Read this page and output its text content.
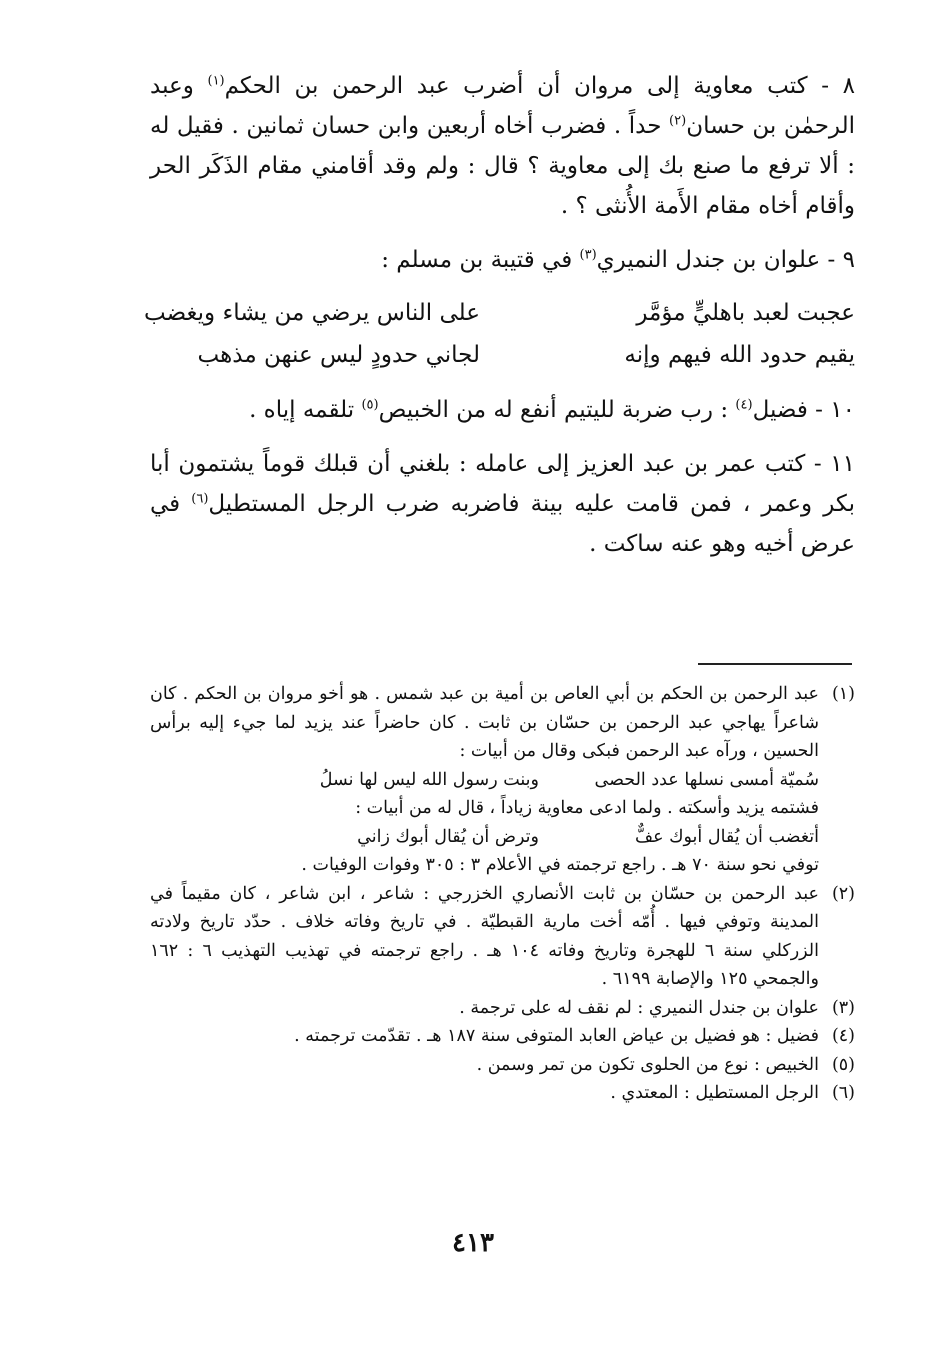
٨ - كتب معاوية إلى مروان أن أضرب عبد الرحمن بن الحكم$^{(١)}$ وعبد الرحمٰن بن حسان$^{(٢)}$ حداً . فضرب أخاه أربعين وابن حسان ثمانين . فقيل له : ألا ترفع ما صنع بك إلى معاوية ؟ قال : ولم وقد أقامني مقام الذَكَر الحر وأقام أخاه مقام الأَمة الأُنثى ؟ .

٩ - علوان بن جندل النميري$^{(٣)}$ في قتيبة بن مسلم :

عجبت لعبد باهليٍّ مؤمَّر
على الناس يرضي من يشاء ويغضب
يقيم حدود الله فيهم وإنه
لجاني حدودٍ ليس عنهن مذهب

١٠ - فضيل$^{(٤)}$ : رب ضربة لليتيم أنفع له من الخبيص$^{(٥)}$ تلقمه إياه .

١١ - كتب عمر بن عبد العزيز إلى عامله : بلغني أن قبلك قوماً يشتمون أبا بكر وعمر ، فمن قامت عليه بينة فاضربه ضرب الرجل المستطيل$^{(٦)}$ في عرض أخيه وهو عنه ساكت .

(١)
عبد الرحمن بن الحكم بن أبي العاص بن أمية بن عبد شمس . هو أخو مروان بن الحكم . كان شاعراً يهاجي عبد الرحمن بن حسّان بن ثابت . كان حاضراً عند يزيد لما جيء إليه برأس الحسين ، ورآه عبد الرحمن فبكى وقال من أبيات :
سُميّة أمسى نسلها عدد الحصى
وبنت رسول الله ليس لها نسلُ
فشتمه يزيد وأسكته . ولما ادعى معاوية زياداً ، قال له من أبيات :
أتغضب أن يُقال أبوك عفٌّ
وترض أن يُقال أبوك زاني
توفي نحو سنة ٧٠ هـ . راجع ترجمته في الأعلام ٣ : ٣٠٥ وفوات الوفيات .
(٢)
عبد الرحمن بن حسّان بن ثابت الأنصاري الخزرجي : شاعر ، ابن شاعر ، كان مقيماً في المدينة وتوفي فيها . أُمّه أخت مارية القبطيّة . في تاريخ وفاته خلاف . حدّد تاريخ ولادته الزركلي سنة ٦ للهجرة وتاريخ وفاته ١٠٤ هـ . راجع ترجمته في تهذيب التهذيب ٦ : ١٦٢ والجمحي ١٢٥ والإصابة ٦١٩٩ .
(٣)
علوان بن جندل النميري : لم نقف له على ترجمة .
(٤)
فضيل : هو فضيل بن عياض العابد المتوفى سنة ١٨٧ هـ . تقدّمت ترجمته .
(٥)
الخبيص : نوع من الحلوى تكون من تمر وسمن .
(٦)
الرجل المستطيل : المعتدي .
٤١٣
